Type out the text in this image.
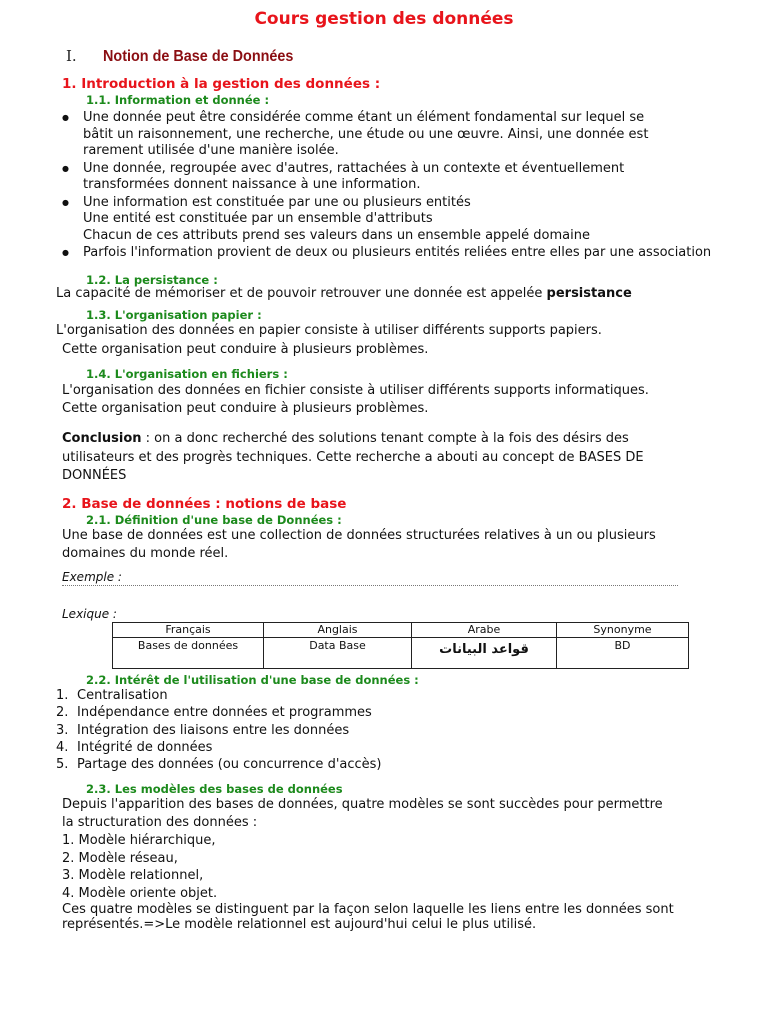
Cours gestion des données
I. Notion de Base de Données
1. Introduction à la gestion des données :
1.1. Information et donnée :
● Une donnée peut être considérée comme étant un élément fondamental sur lequel se
bâtit un raisonnement, une recherche, une étude ou une œuvre. Ainsi, une donnée est
rarement utilisée d'une manière isolée.
● Une donnée, regroupée avec d'autres, rattachées à un contexte et éventuellement
transformées donnent naissance à une information.
● Une information est constituée par une ou plusieurs entités
Une entité est constituée par un ensemble d'attributs
Chacun de ces attributs prend ses valeurs dans un ensemble appelé domaine
● Parfois l'information provient de deux ou plusieurs entités reliées entre elles par une association
1.2. La persistance :
La capacité de mémoriser et de pouvoir retrouver une donnée est appelée persistance
1.3. L'organisation papier :
L'organisation des données en papier consiste à utiliser différents supports papiers.
Cette organisation peut conduire à plusieurs problèmes.
1.4. L'organisation en fichiers :
L'organisation des données en fichier consiste à utiliser différents supports informatiques.
Cette organisation peut conduire à plusieurs problèmes.
Conclusion : on a donc recherché des solutions tenant compte à la fois des désirs des
utilisateurs et des progrès techniques. Cette recherche a abouti au concept de BASES DE
DONNÉES
2. Base de données : notions de base
2.1. Définition d'une base de Données :
Une base de données est une collection de données structurées relatives à un ou plusieurs
domaines du monde réel.
Exemple :
Lexique :
Français	Anglais	Arabe	Synonyme
Bases de données	Data Base	قواعد البيانات	BD
2.2. Intérêt de l'utilisation d'une base de données :
1. Centralisation
2. Indépendance entre données et programmes
3. Intégration des liaisons entre les données
4. Intégrité de données
5. Partage des données (ou concurrence d'accès)
2.3. Les modèles des bases de données
Depuis l'apparition des bases de données, quatre modèles se sont succèdes pour permettre
la structuration des données :
1. Modèle hiérarchique,
2. Modèle réseau,
3. Modèle relationnel,
4. Modèle oriente objet.
Ces quatre modèles se distinguent par la façon selon laquelle les liens entre les données sont
représentés.=>Le modèle relationnel est aujourd'hui celui le plus utilisé.
